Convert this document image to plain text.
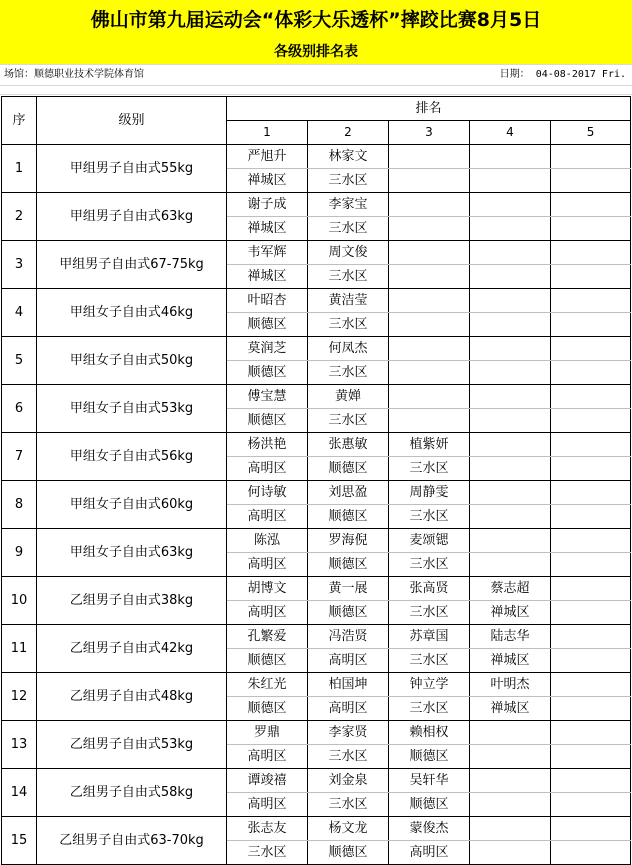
佛山市第九届运动会“体彩大乐透杯”摔跤比赛8月5日
各级别排名表
场馆：顺德职业技术学院体育馆	日期： 04-08-2017 Fri.
序	级别	排名				
		1	2	3	4	5
1	甲组男子自由式55kg	严旭升	林家文			
		禅城区	三水区			
2	甲组男子自由式63kg	谢子成	李家宝			
		禅城区	三水区			
3	甲组男子自由式67-75kg	韦军辉	周文俊			
		禅城区	三水区			
4	甲组女子自由式46kg	叶昭杏	黄洁莹			
		顺德区	三水区			
5	甲组女子自由式50kg	莫润芝	何凤杰			
		顺德区	三水区			
6	甲组女子自由式53kg	傅宝慧	黄婵			
		顺德区	三水区			
7	甲组女子自由式56kg	杨洪艳	张惠敏	植紫妍		
		高明区	顺德区	三水区		
8	甲组女子自由式60kg	何诗敏	刘思盈	周静雯		
		高明区	顺德区	三水区		
9	甲组女子自由式63kg	陈泓	罗海倪	麦颂锶		
		高明区	顺德区	三水区		
10	乙组男子自由式38kg	胡博文	黄一展	张高贤	蔡志超	
		高明区	顺德区	三水区	禅城区	
11	乙组男子自由式42kg	孔繁爱	冯浩贤	苏章国	陆志华	
		顺德区	高明区	三水区	禅城区	
12	乙组男子自由式48kg	朱红光	柏国坤	钟立学	叶明杰	
		顺德区	高明区	三水区	禅城区	
13	乙组男子自由式53kg	罗鼎	李家贤	赖相权		
		高明区	三水区	顺德区		
14	乙组男子自由式58kg	谭竣禧	刘金泉	吴轩华		
		高明区	三水区	顺德区		
15	乙组男子自由式63-70kg	张志友	杨文龙	蒙俊杰		
		三水区	顺德区	高明区		
